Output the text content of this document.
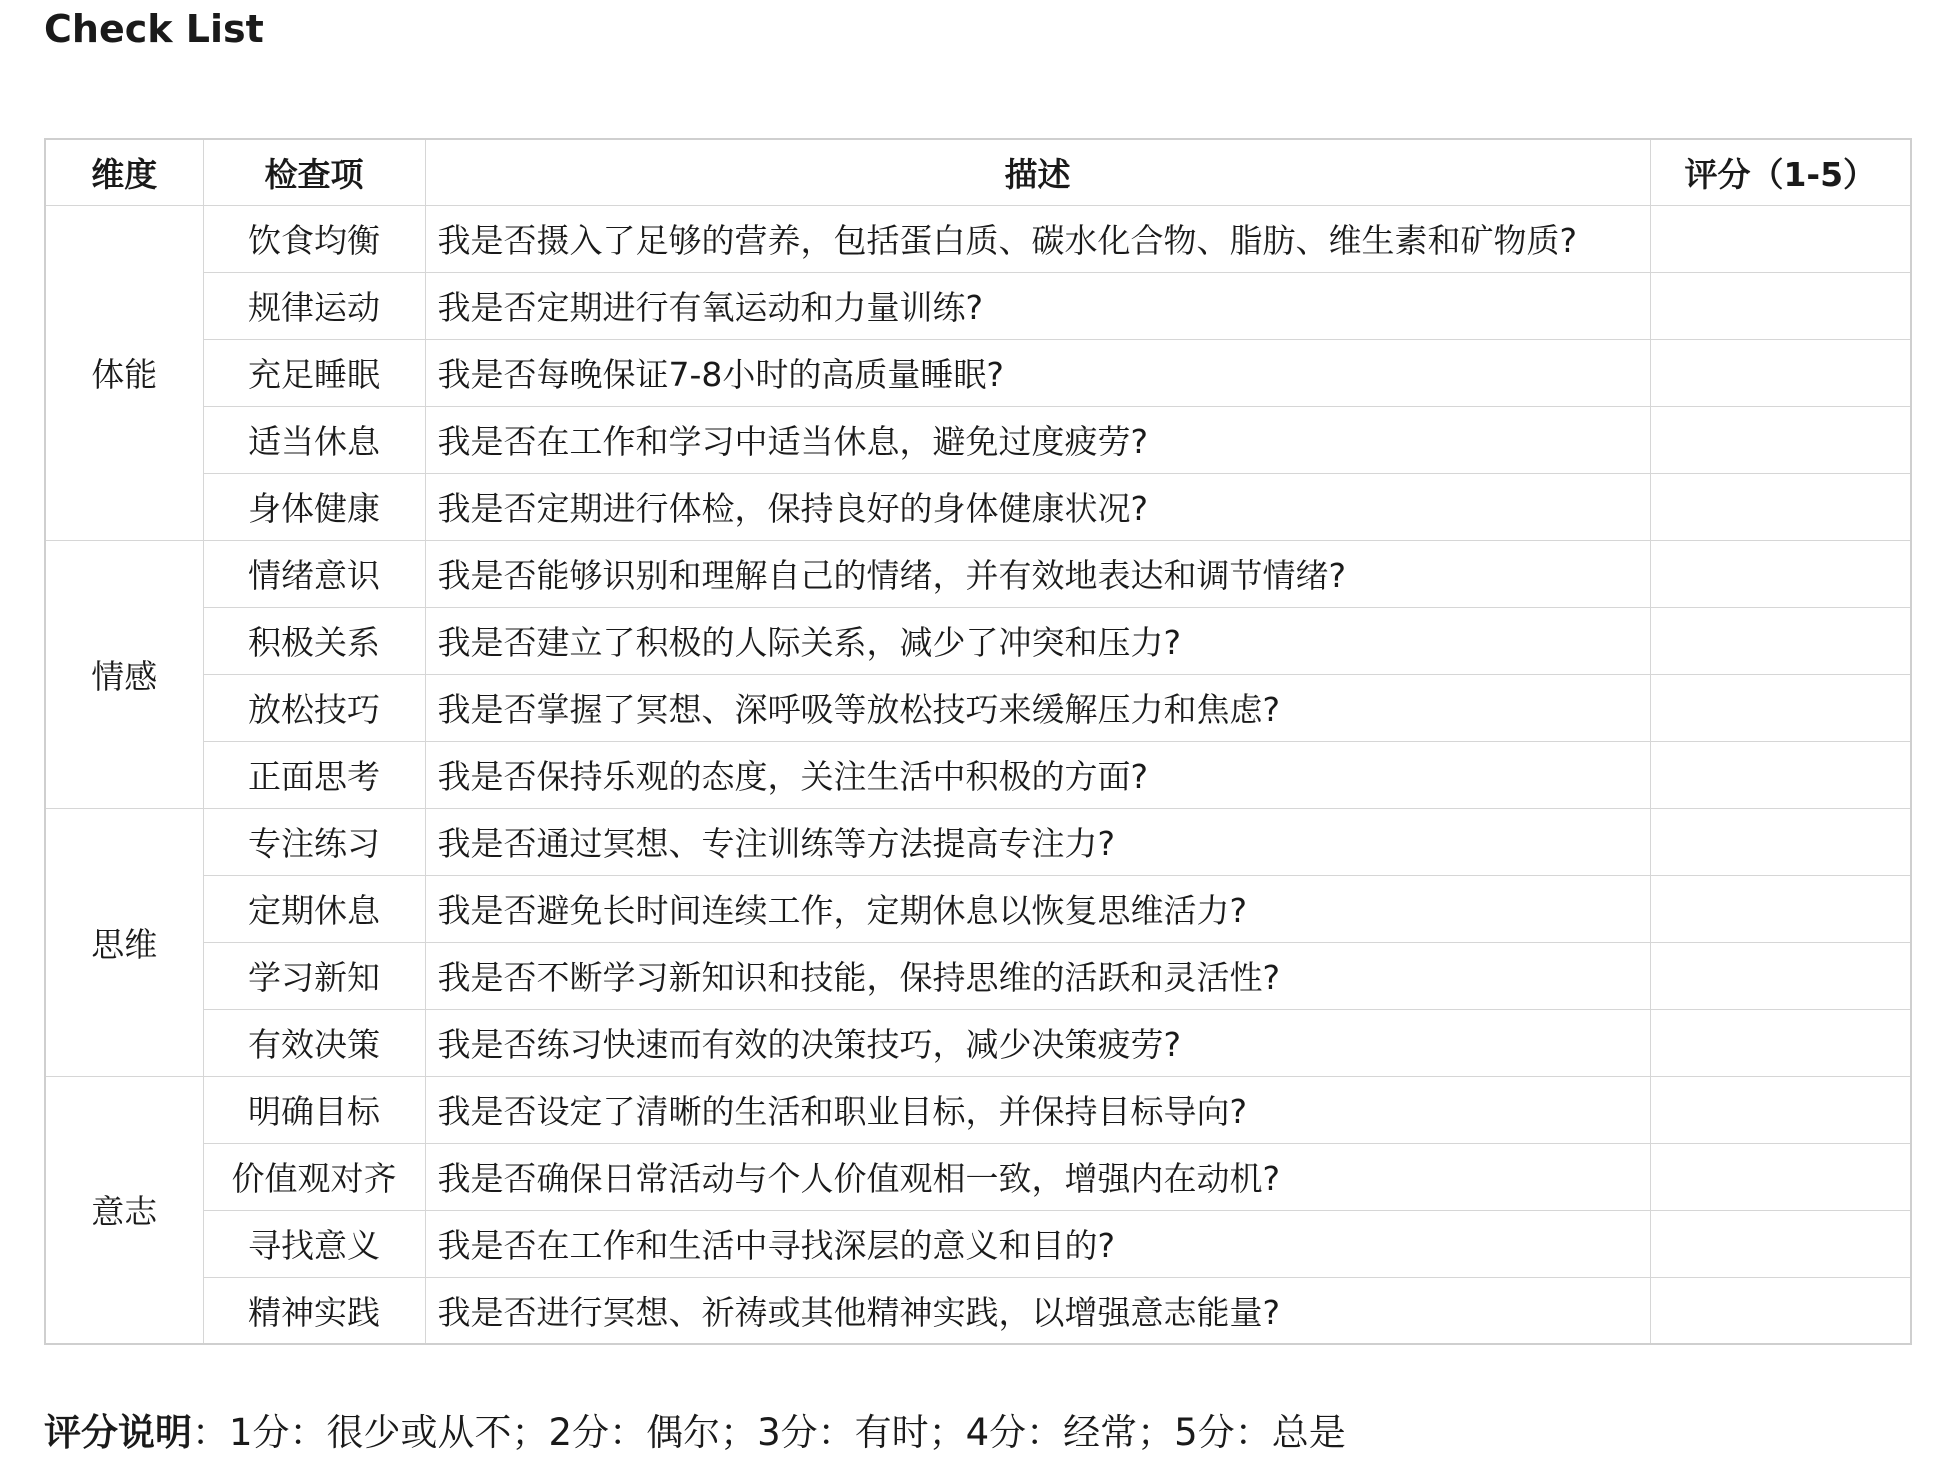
Check List
维度	检查项	描述	评分（1-5）
体能	饮食均衡	我是否摄入了足够的营养，包括蛋白质、碳水化合物、脂肪、维生素和矿物质?	
	规律运动	我是否定期进行有氧运动和力量训练?	
	充足睡眠	我是否每晚保证7-8小时的高质量睡眠?	
	适当休息	我是否在工作和学习中适当休息，避免过度疲劳?	
	身体健康	我是否定期进行体检，保持良好的身体健康状况?	
情感	情绪意识	我是否能够识别和理解自己的情绪，并有效地表达和调节情绪?	
	积极关系	我是否建立了积极的人际关系，减少了冲突和压力?	
	放松技巧	我是否掌握了冥想、深呼吸等放松技巧来缓解压力和焦虑?	
	正面思考	我是否保持乐观的态度，关注生活中积极的方面?	
思维	专注练习	我是否通过冥想、专注训练等方法提高专注力?	
	定期休息	我是否避免长时间连续工作，定期休息以恢复思维活力?	
	学习新知	我是否不断学习新知识和技能，保持思维的活跃和灵活性?	
	有效决策	我是否练习快速而有效的决策技巧，减少决策疲劳?	
意志	明确目标	我是否设定了清晰的生活和职业目标，并保持目标导向?	
	价值观对齐	我是否确保日常活动与个人价值观相一致，增强内在动机?	
	寻找意义	我是否在工作和生活中寻找深层的意义和目的?	
	精神实践	我是否进行冥想、祈祷或其他精神实践，以增强意志能量?	
评分说明：1分：很少或从不；2分：偶尔；3分：有时；4分：经常；5分：总是
